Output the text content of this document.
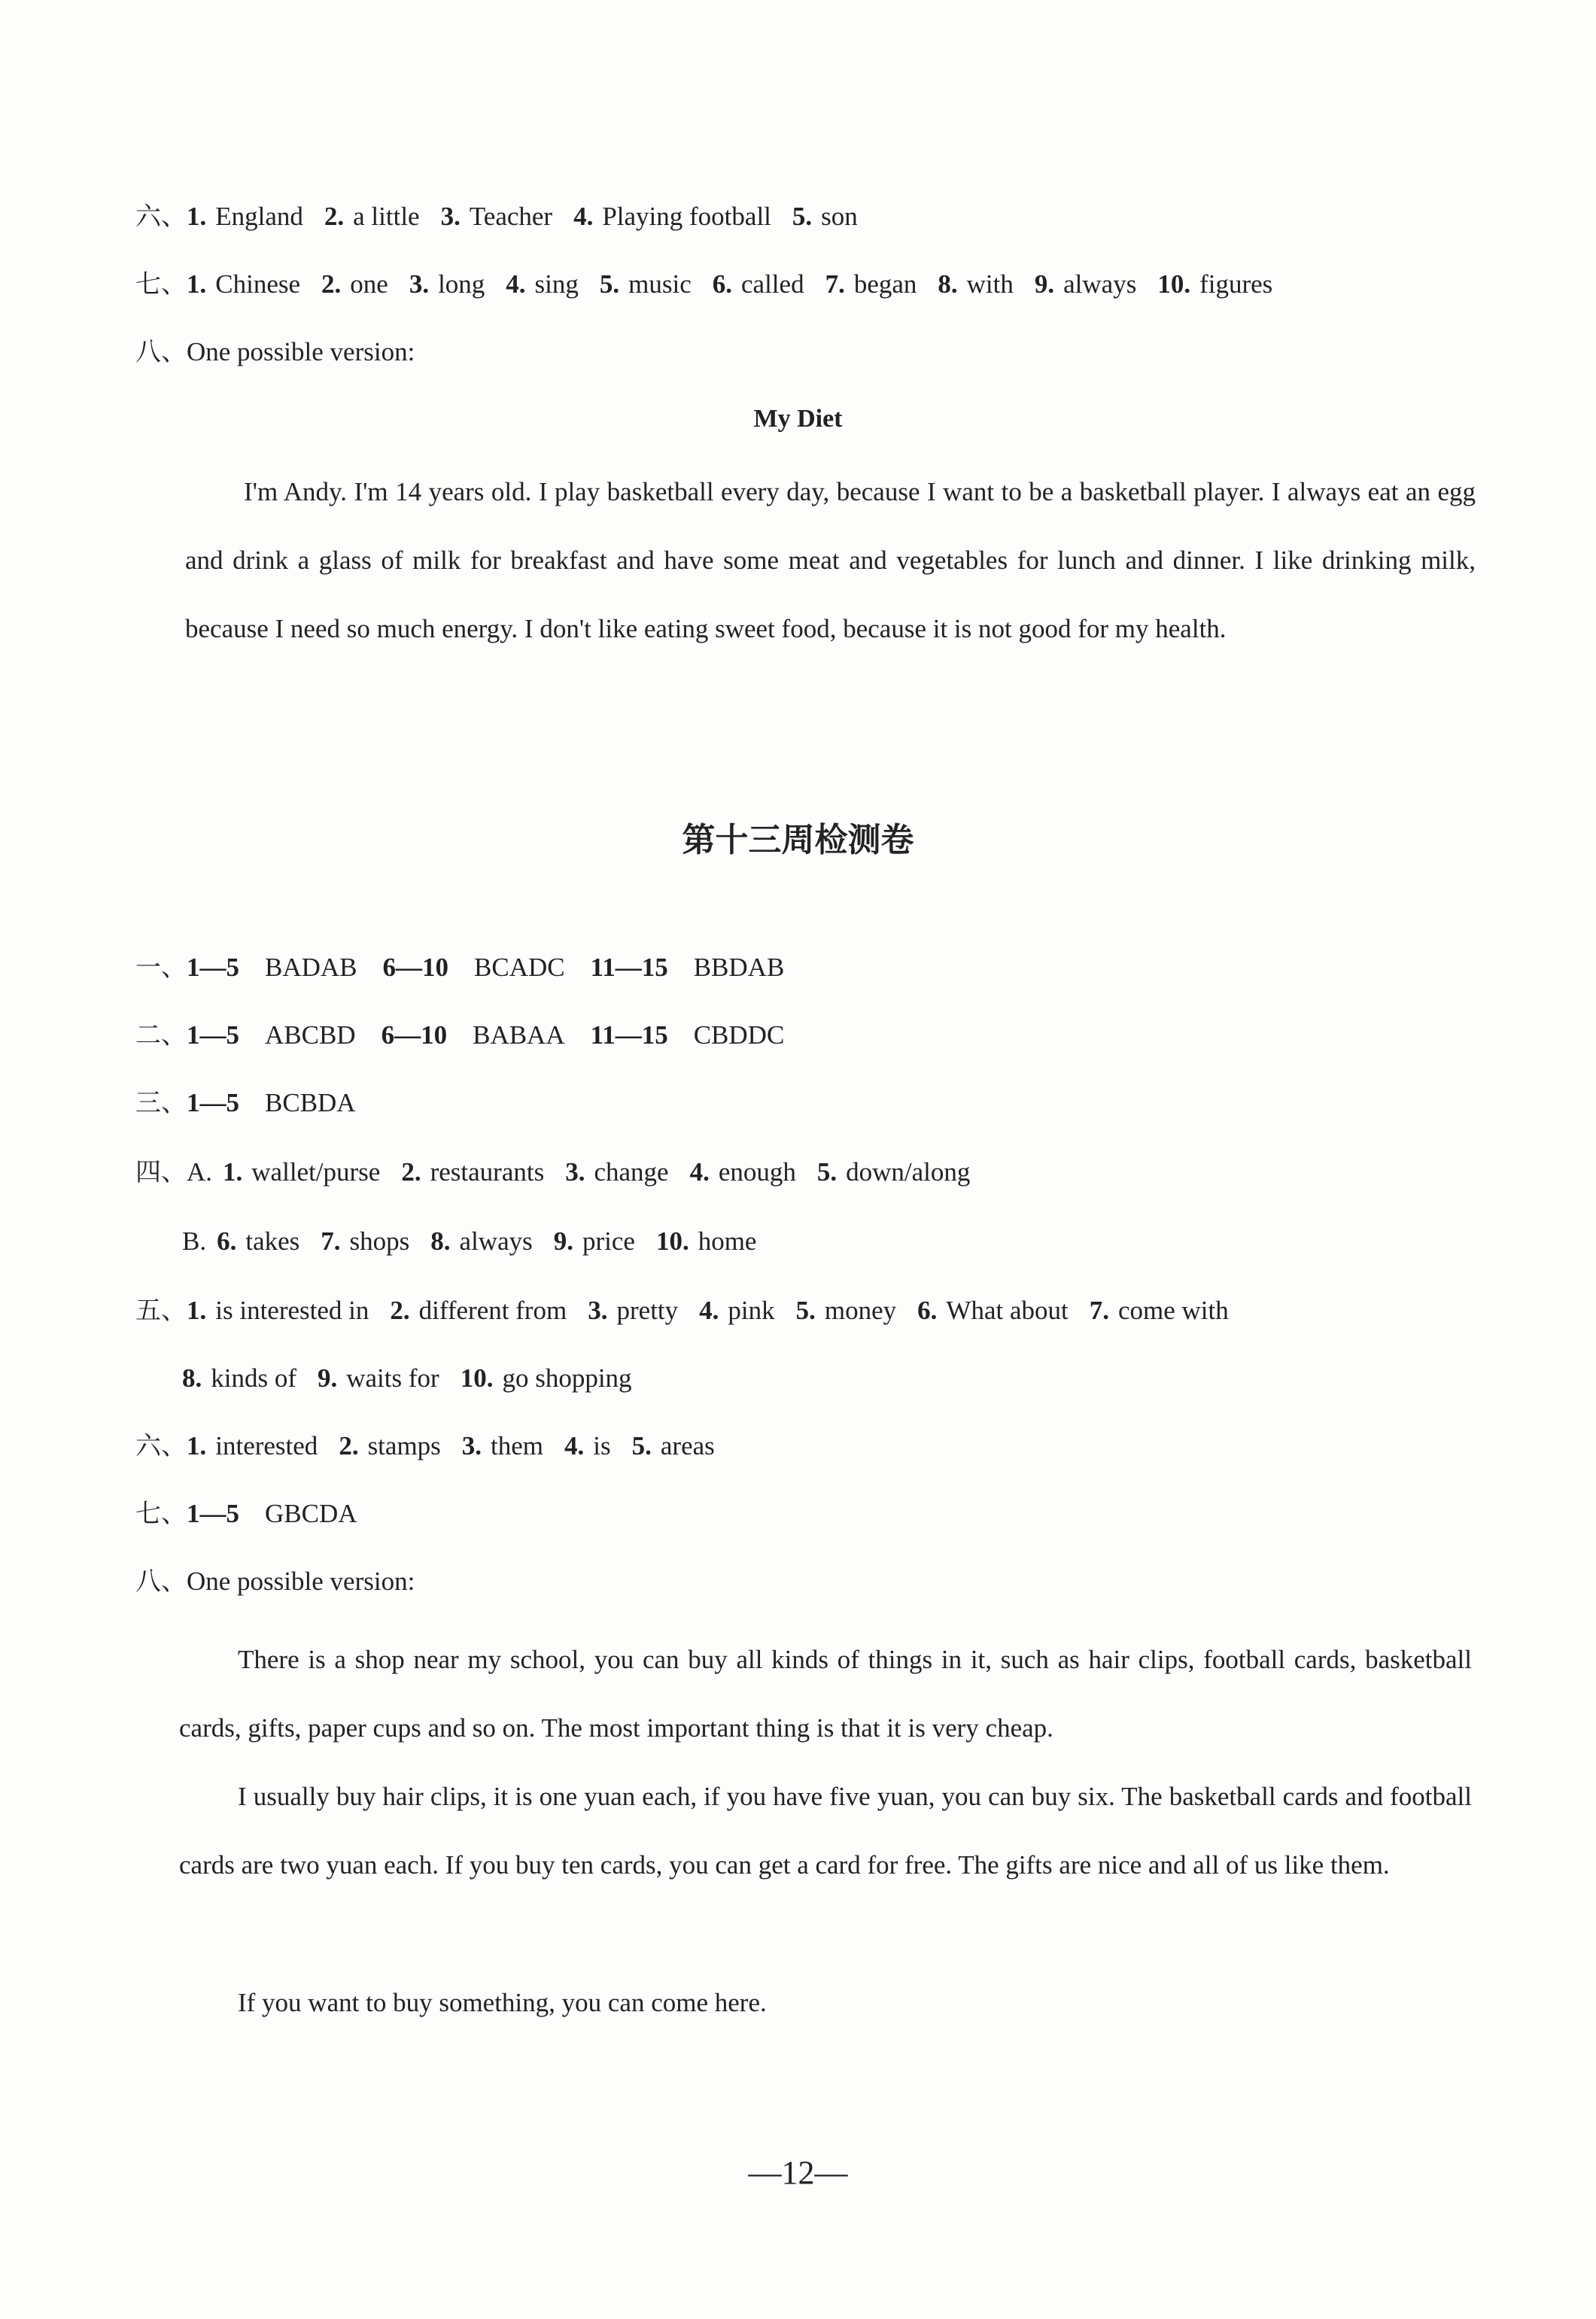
六、1. England 2. a little 3. Teacher 4. Playing football 5. son
七、1. Chinese 2. one 3. long 4. sing 5. music 6. called 7. began 8. with 9. always 10. figures
八、One possible version:
My Diet

I'm Andy. I'm 14 years old. I play basketball every day, because I want to be a basketball player. I always eat an egg and drink a glass of milk for breakfast and have some meat and vegetables for lunch and dinner. I like drinking milk, because I need so much energy. I don't like eating sweet food, because it is not good for my health.

第十三周检测卷
一、1—5 BADAB 6—10 BCADC 11—15 BBDAB
二、1—5 ABCBD 6—10 BABAA 11—15 CBDDC
三、1—5 BCBDA
四、A. 1. wallet/purse 2. restaurants 3. change 4. enough 5. down/along
B. 6. takes 7. shops 8. always 9. price 10. home
五、1. is interested in 2. different from 3. pretty 4. pink 5. money 6. What about 7. come with
8. kinds of 9. waits for 10. go shopping
六、1. interested 2. stamps 3. them 4. is 5. areas
七、1—5 GBCDA
八、One possible version:

There is a shop near my school, you can buy all kinds of things in it, such as hair clips, football cards, basketball cards, gifts, paper cups and so on. The most important thing is that it is very cheap.

I usually buy hair clips, it is one yuan each, if you have five yuan, you can buy six. The basketball cards and football cards are two yuan each. If you buy ten cards, you can get a card for free. The gifts are nice and all of us like them.

If you want to buy something, you can come here.

—12—
